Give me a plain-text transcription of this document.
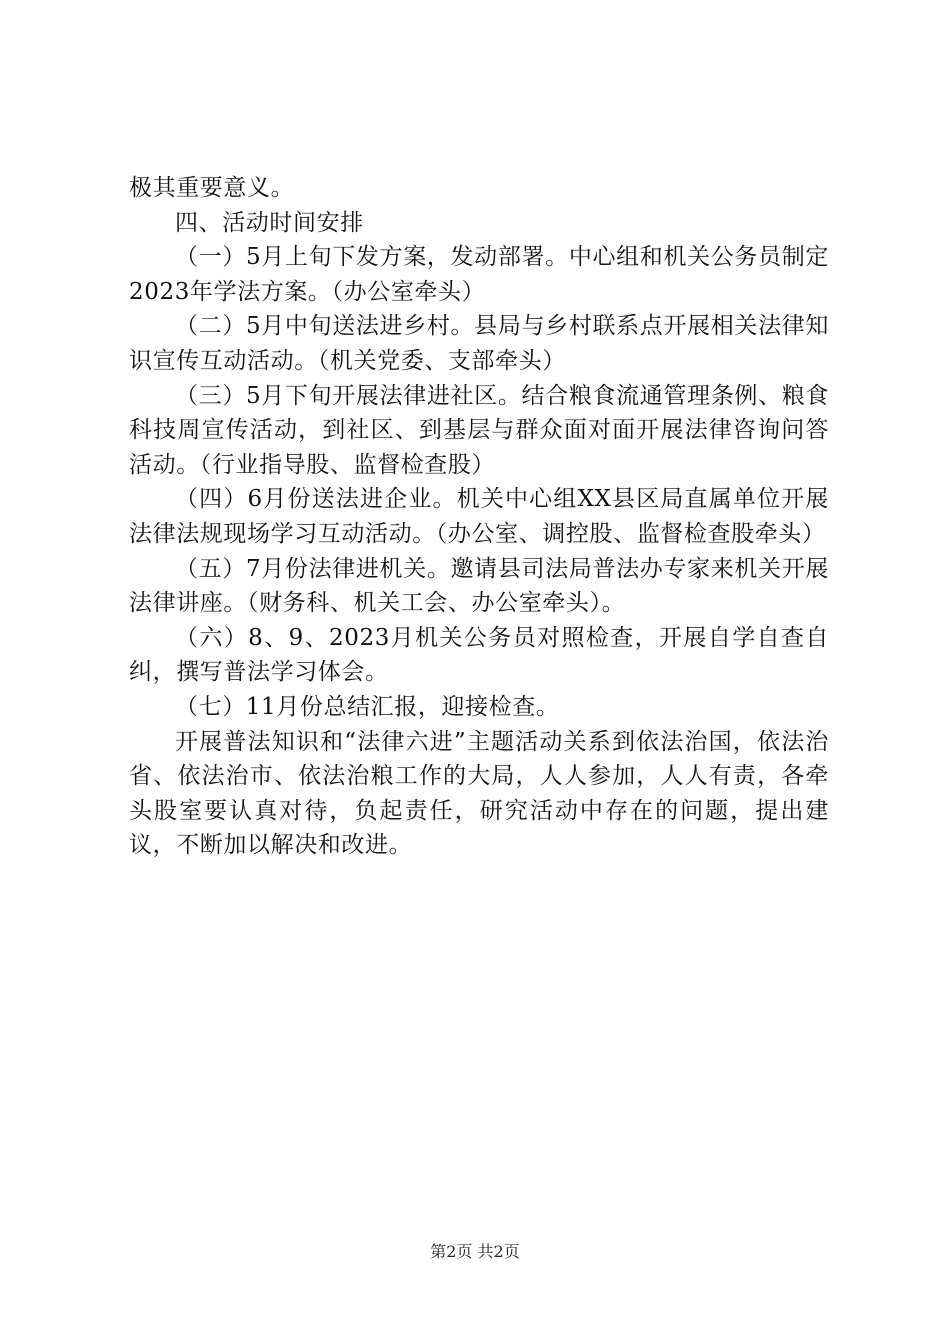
极其重要意义。

四、活动时间安排

（一）5月上旬下发方案，发动部署。中心组和机关公务员制定2023年学法方案。（办公室牵头）

（二）5月中旬送法进乡村。县局与乡村联系点开展相关法律知识宣传互动活动。（机关党委、支部牵头）

（三）5月下旬开展法律进社区。结合粮食流通管理条例、粮食科技周宣传活动，到社区、到基层与群众面对面开展法律咨询问答活动。（行业指导股、监督检查股）

（四）6月份送法进企业。机关中心组XX县区局直属单位开展法律法规现场学习互动活动。（办公室、调控股、监督检查股牵头）

（五）7月份法律进机关。邀请县司法局普法办专家来机关开展法律讲座。（财务科、机关工会、办公室牵头）。

（六）8、9、2023月机关公务员对照检查，开展自学自查自纠，撰写普法学习体会。

（七）11月份总结汇报，迎接检查。

开展普法知识和“法律六进”主题活动关系到依法治国，依法治省、依法治市、依法治粮工作的大局，人人参加，人人有责，各牵头股室要认真对待，负起责任，研究活动中存在的问题，提出建议，不断加以解决和改进。

第2页 共2页
